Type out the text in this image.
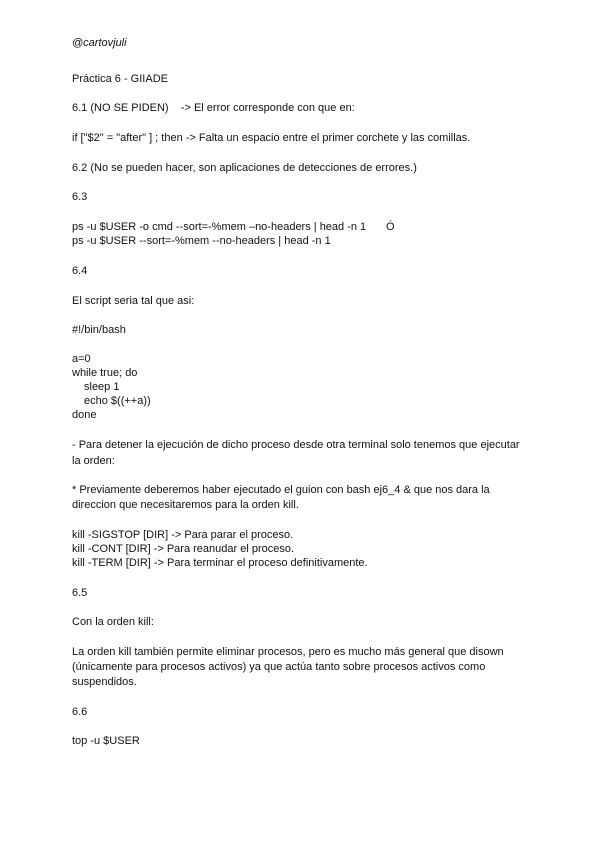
@cartovjuli
Práctica 6 - GIIADE
6.1 (NO SE PIDEN)    -> El error corresponde con que en:
if ["$2" = "after" ] ; then -> Falta un espacio entre el primer corchete y las comillas.
6.2 (No se pueden hacer, son aplicaciones de detecciones de errores.)
6.3
ps -u $USER -o cmd --sort=-%mem –no-headers | head -n 1 Ó
ps -u $USER --sort=-%mem --no-headers | head -n 1
6.4
El script seria tal que asi:
#!/bin/bash
a=0
while true; do
sleep 1
echo $((++a))
done
- Para detener la ejecución de dicho proceso desde otra terminal solo tenemos que ejecutar
la orden:
* Previamente deberemos haber ejecutado el guion con bash ej6_4 & que nos dara la
direccion que necesitaremos para la orden kill.
kill -SIGSTOP [DIR] -> Para parar el proceso.
kill -CONT [DIR] -> Para reanudar el proceso.
kill -TERM [DIR] -> Para terminar el proceso definitivamente.
6.5
Con la orden kill:
La orden kill también permite eliminar procesos, pero es mucho más general que disown
(únicamente para procesos activos) ya que actúa tanto sobre procesos activos como
suspendidos.
6.6
top -u $USER
